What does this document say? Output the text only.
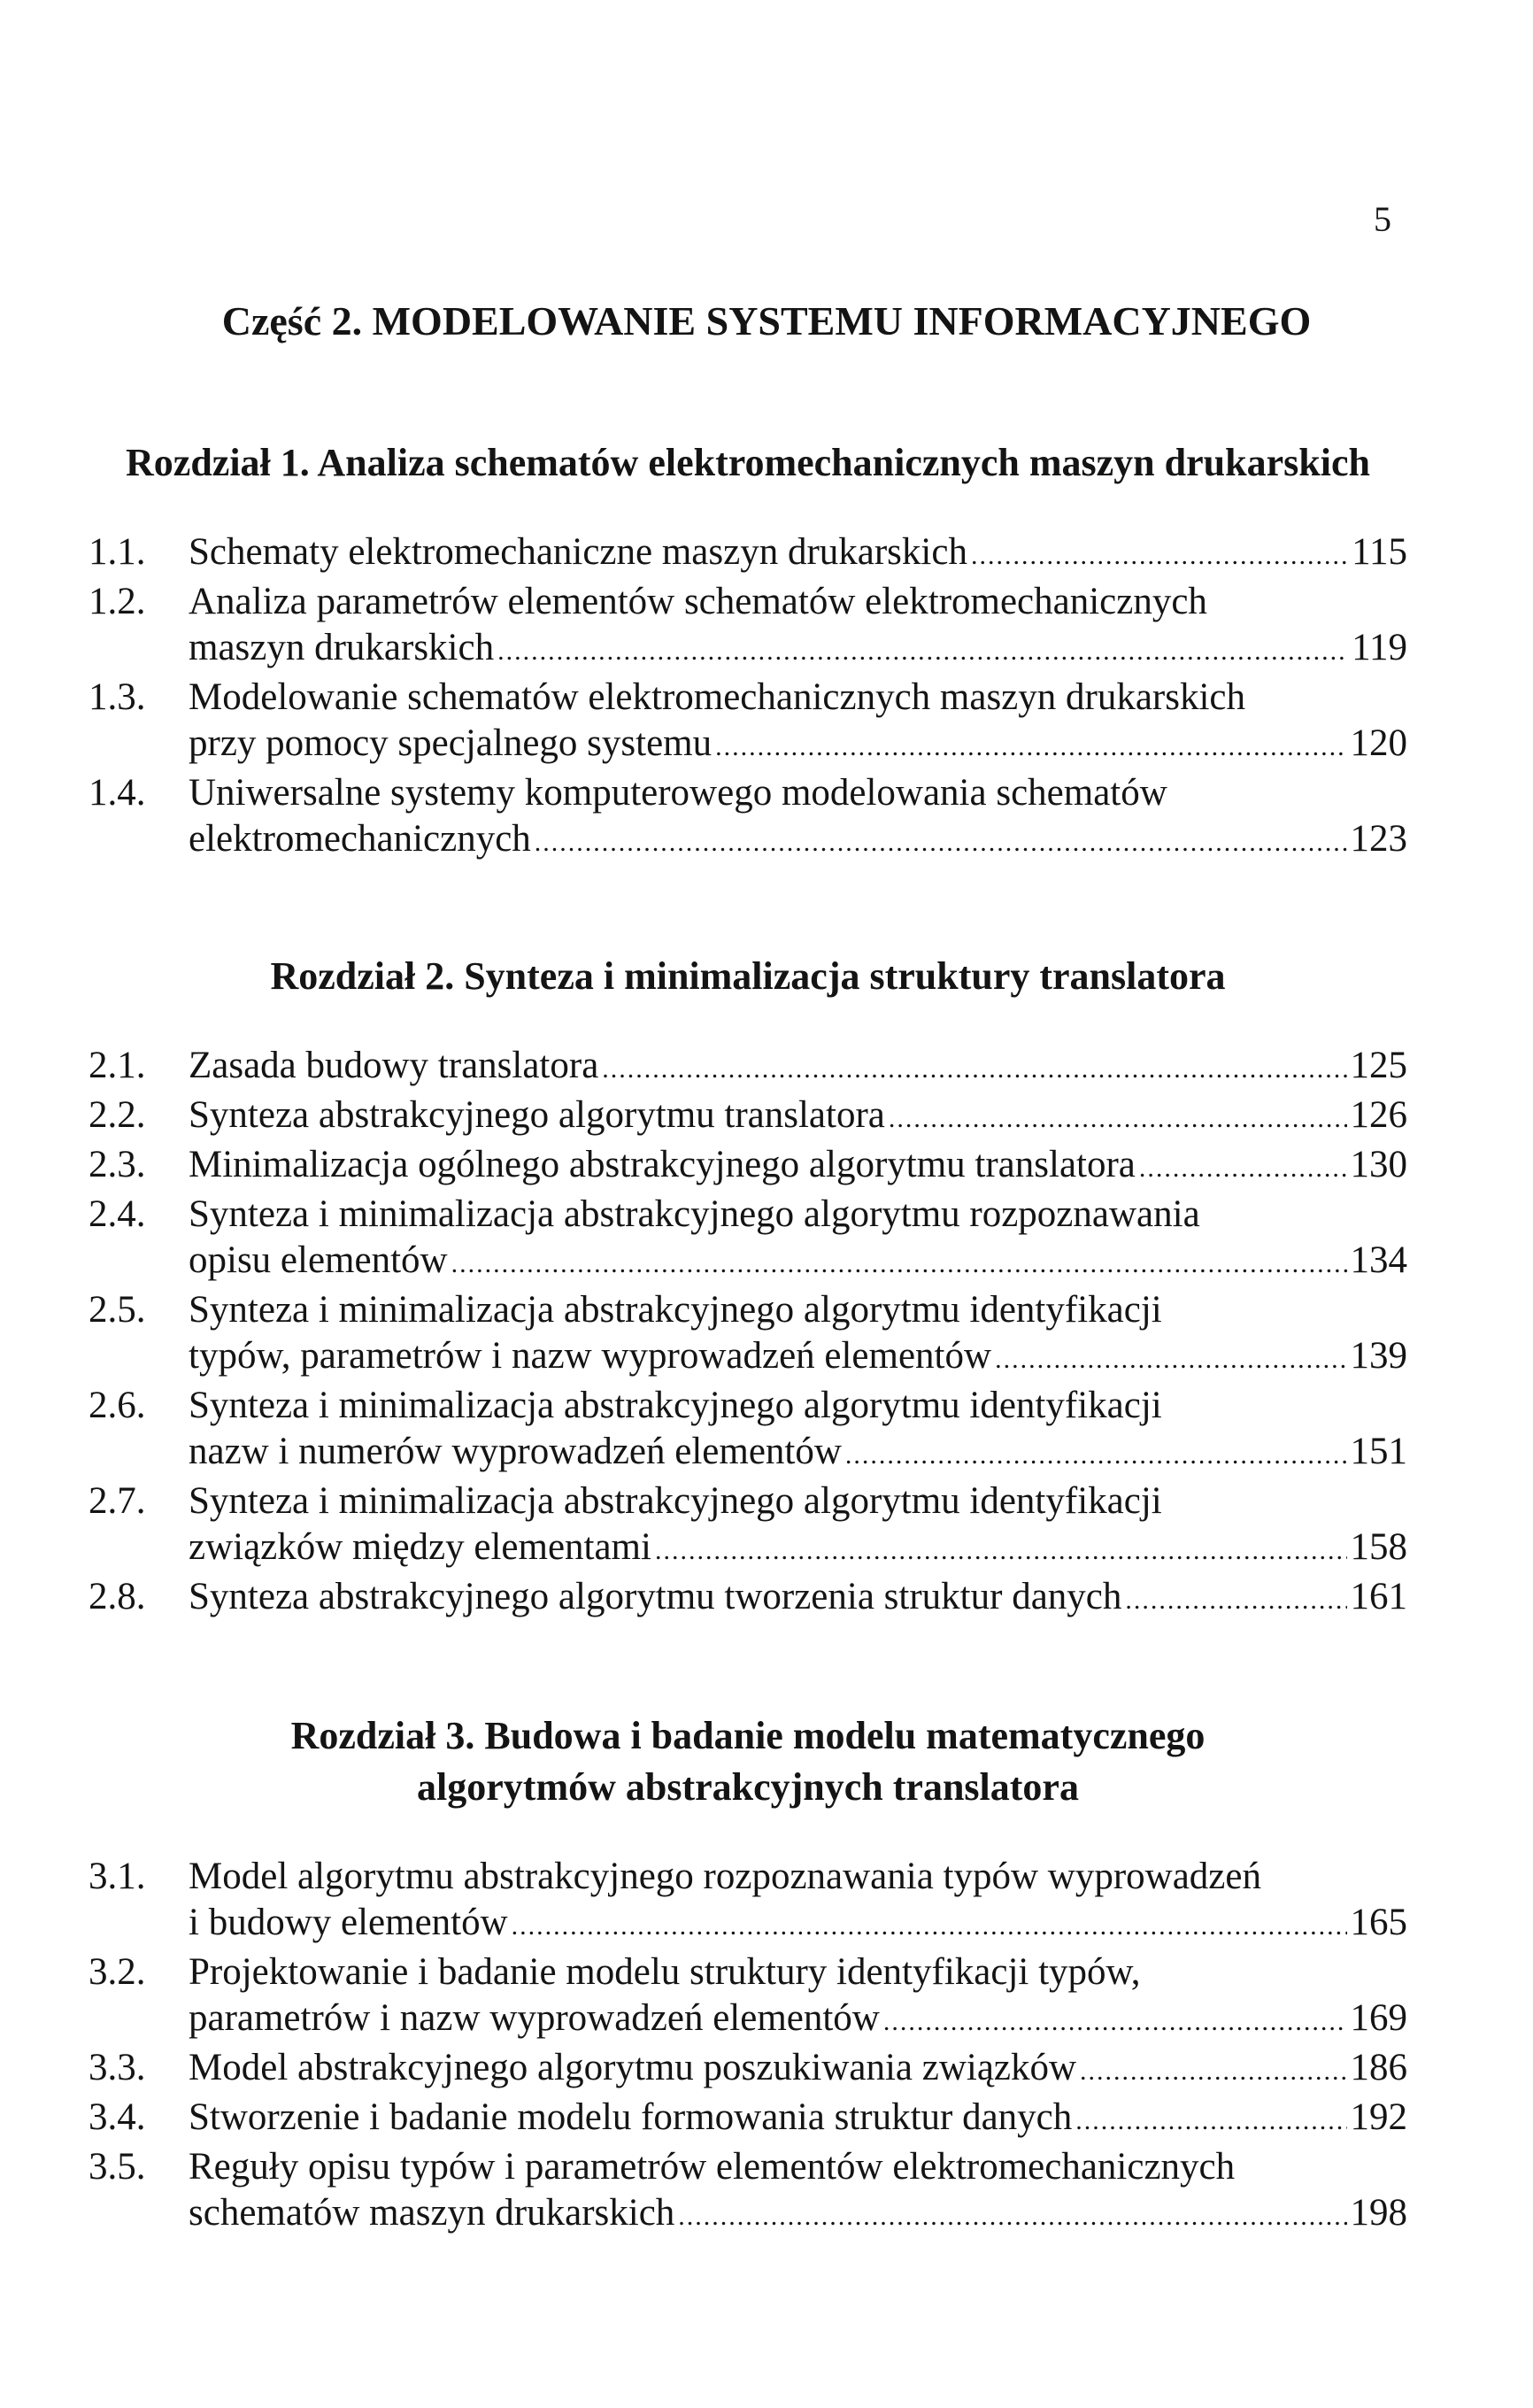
5
Część 2. MODELOWANIE SYSTEMU INFORMACYJNEGO
Rozdział 1. Analiza schematów elektromechanicznych maszyn drukarskich
1.1.	Schematy elektromechaniczne maszyn drukarskich .....	115
1.2.	Analiza parametrów elementów schematów elektromechanicznych
maszyn drukarskich .....	119
1.3.	Modelowanie schematów elektromechanicznych maszyn drukarskich
przy pomocy specjalnego systemu .....	120
1.4.	Uniwersalne systemy komputerowego modelowania schematów
elektromechanicznych .....	123
Rozdział 2. Synteza i minimalizacja struktury translatora
2.1.	Zasada budowy translatora .....	125
2.2.	Synteza abstrakcyjnego algorytmu translatora .....	126
2.3.	Minimalizacja ogólnego abstrakcyjnego algorytmu translatora .....	130
2.4.	Synteza i minimalizacja abstrakcyjnego algorytmu rozpoznawania
opisu elementów .....	134
2.5.	Synteza i minimalizacja abstrakcyjnego algorytmu identyfikacji
typów, parametrów i nazw wyprowadzeń elementów .....	139
2.6.	Synteza i minimalizacja abstrakcyjnego algorytmu identyfikacji
nazw i numerów wyprowadzeń elementów .....	151
2.7.	Synteza i minimalizacja abstrakcyjnego algorytmu identyfikacji
związków między elementami .....	158
2.8.	Synteza abstrakcyjnego algorytmu tworzenia struktur danych .....	161
Rozdział 3. Budowa i badanie modelu matematycznego algorytmów abstrakcyjnych translatora
3.1.	Model algorytmu abstrakcyjnego rozpoznawania typów wyprowadzeń
i budowy elementów .....	165
3.2.	Projektowanie i badanie modelu struktury identyfikacji typów,
parametrów i nazw wyprowadzeń elementów .....	169
3.3.	Model abstrakcyjnego algorytmu poszukiwania związków .....	186
3.4.	Stworzenie i badanie modelu formowania struktur danych .....	192
3.5.	Reguły opisu typów i parametrów elementów elektromechanicznych
schematów maszyn drukarskich .....	198
